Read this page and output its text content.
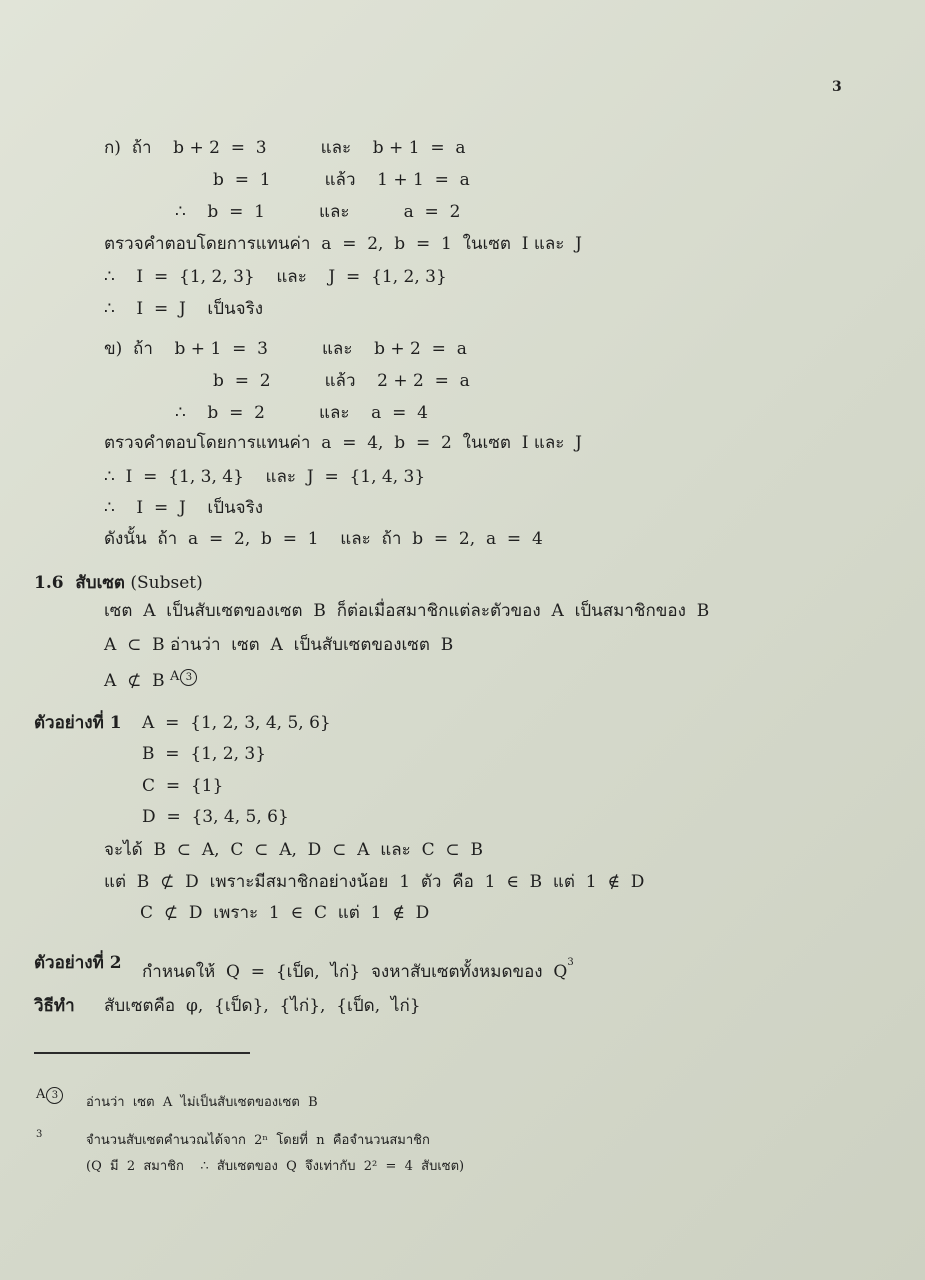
3
ก)  ถ้า    b + 2  =  3          และ    b + 1  =  a
b  =  1          แล้ว    1 + 1  =  a
∴    b  =  1          และ          a  =  2
ตรวจคำตอบโดยการแทนค่า  a  =  2,  b  =  1  ในเซต  I และ  J
∴    I  =  {1, 2, 3}    และ    J  =  {1, 2, 3}
∴    I  =  J    เป็นจริง
ข)  ถ้า    b + 1  =  3          และ    b + 2  =  a
b  =  2          แล้ว    2 + 2  =  a
∴    b  =  2          และ    a  =  4
ตรวจคำตอบโดยการแทนค่า  a  =  4,  b  =  2  ในเซต  I และ  J
∴  I  =  {1, 3, 4}    และ  J  =  {1, 4, 3}
∴    I  =  J    เป็นจริง
ดังนั้น  ถ้า  a  =  2,  b  =  1    และ  ถ้า  b  =  2,  a  =  4
1.6  สับเซต (Subset)
เซต  A  เป็นสับเซตของเซต  B  ก็ต่อเมื่อสมาชิกแต่ละตัวของ  A  เป็นสมาชิกของ  B
A  ⊂  B อ่านว่า  เซต  A  เป็นสับเซตของเซต  B
A  ⊄  B $^A$ 3
ตัวอย่างที่ 1 A  =  {1, 2, 3, 4, 5, 6}
B  =  {1, 2, 3}
C  =  {1}
D  =  {3, 4, 5, 6}
จะได้  B  ⊂  A,  C  ⊂  A,  D  ⊂  A  และ  C  ⊂  B
แต่  B  ⊄  D  เพราะมีสมาชิกอย่างน้อย  1  ตัว  คือ  1  ∈  B  แต่  1  ∉  D
C  ⊄  D  เพราะ  1  ∈  C  แต่  1  ∉  D
ตัวอย่างที่ 2 กำหนดให้  Q  =  {เป็ด,  ไก่}  จงหาสับเซตทั้งหมดของ  $Q^3$
วิธีทำ สับเซตคือ  φ,  {เป็ด},  {ไก่},  {เป็ด,  ไก่}
A 3	อ่านว่า  เซต  A  ไม่เป็นสับเซตของเซต  B
3	จำนวนสับเซตคำนวณได้จาก  2ⁿ  โดยที่  n  คือจำนวนสมาชิก
(Q  มี  2  สมาชิก    ∴  สับเซตของ  Q  จึงเท่ากับ  2²  =  4  สับเซต)
